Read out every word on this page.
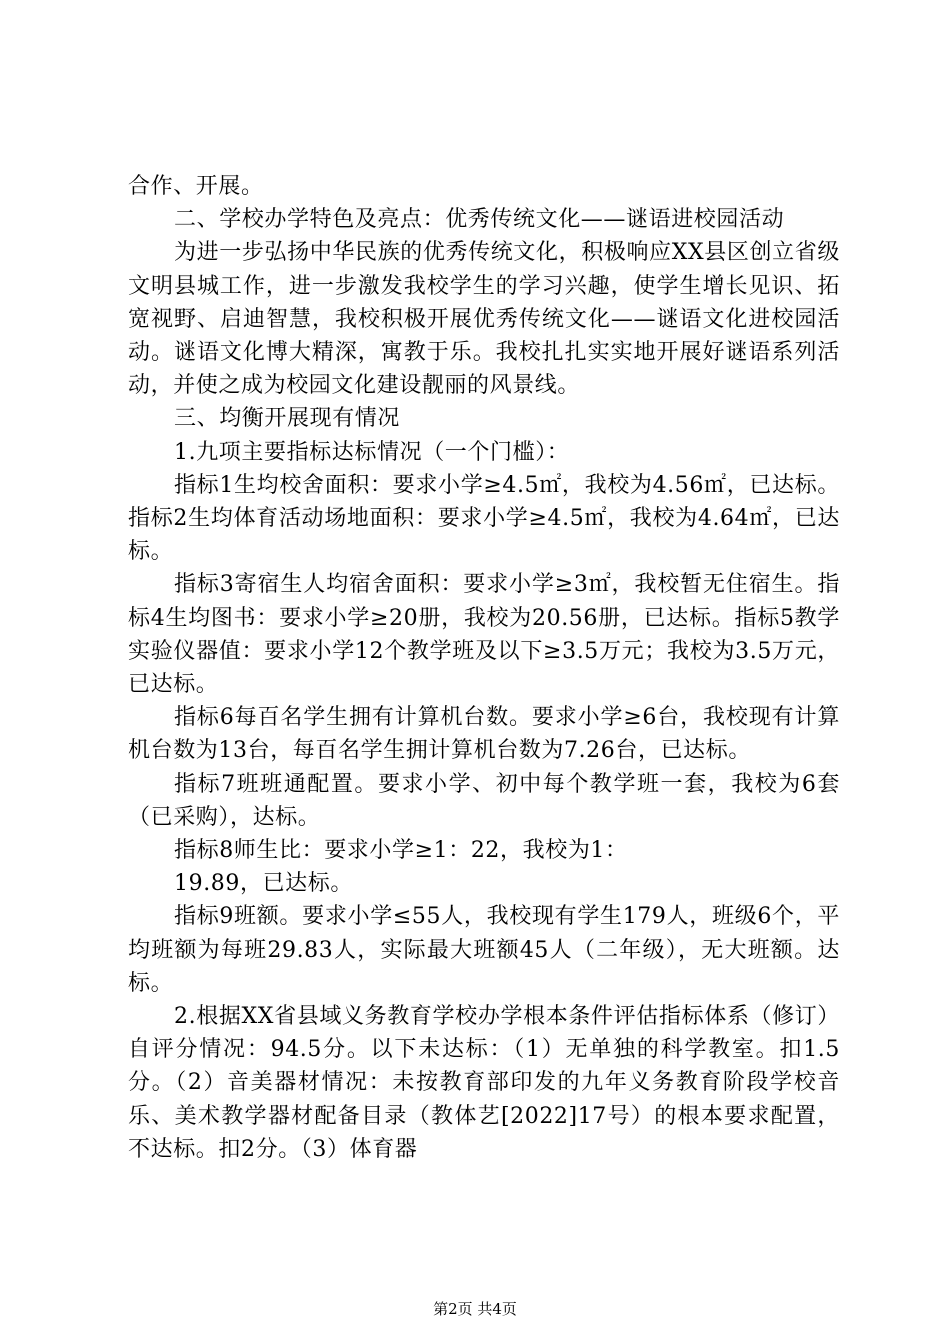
合作、开展。

二、学校办学特色及亮点：优秀传统文化——谜语进校园活动

为进一步弘扬中华民族的优秀传统文化，积极响应XX县区创立省级文明县城工作，进一步激发我校学生的学习兴趣，使学生增长见识、拓宽视野、启迪智慧，我校积极开展优秀传统文化——谜语文化进校园活动。谜语文化博大精深，寓教于乐。我校扎扎实实地开展好谜语系列活动，并使之成为校园文化建设靓丽的风景线。

三、均衡开展现有情况

1.九项主要指标达标情况（一个门槛）：

指标1生均校舍面积：要求小学≥4.5㎡，我校为4.56㎡，已达标。指标2生均体育活动场地面积：要求小学≥4.5㎡，我校为4.64㎡，已达标。

指标3寄宿生人均宿舍面积：要求小学≥3㎡，我校暂无住宿生。指标4生均图书：要求小学≥20册，我校为20.56册，已达标。指标5教学实验仪器值：要求小学12个教学班及以下≥3.5万元；我校为3.5万元，已达标。

指标6每百名学生拥有计算机台数。要求小学≥6台，我校现有计算机台数为13台，每百名学生拥计算机台数为7.26台，已达标。

指标7班班通配置。要求小学、初中每个教学班一套，我校为6套（已采购），达标。

指标8师生比：要求小学≥1：22，我校为1：

19.89，已达标。

指标9班额。要求小学≤55人，我校现有学生179人，班级6个，平均班额为每班29.83人，实际最大班额45人（二年级），无大班额。达标。

2.根据XX省县域义务教育学校办学根本条件评估指标体系（修订）自评分情况：94.5分。以下未达标：（1）无单独的科学教室。扣1.5分。（2）音美器材情况：未按教育部印发的九年义务教育阶段学校音乐、美术教学器材配备目录（教体艺[2022]17号）的根本要求配置，不达标。扣2分。（3）体育器

第2页 共4页
